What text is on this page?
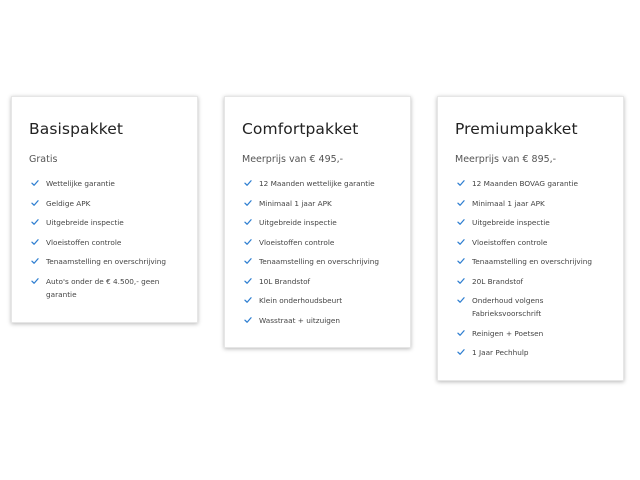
Basispakket
Gratis
Wettelijke garantie
Geldige APK
Uitgebreide inspectie
Vloeistoffen controle
Tenaamstelling en overschrijving
Auto's onder de € 4.500,- geen garantie
Comfortpakket
Meerprijs van € 495,-
12 Maanden wettelijke garantie
Minimaal 1 jaar APK
Uitgebreide inspectie
Vloeistoffen controle
Tenaamstelling en overschrijving
10L Brandstof
Klein onderhoudsbeurt
Wasstraat + uitzuigen
Premiumpakket
Meerprijs van € 895,-
12 Maanden BOVAG garantie
Minimaal 1 jaar APK
Uitgebreide inspectie
Vloeistoffen controle
Tenaamstelling en overschrijving
20L Brandstof
Onderhoud volgens Fabrieksvoorschrift
Reinigen + Poetsen
1 Jaar Pechhulp
